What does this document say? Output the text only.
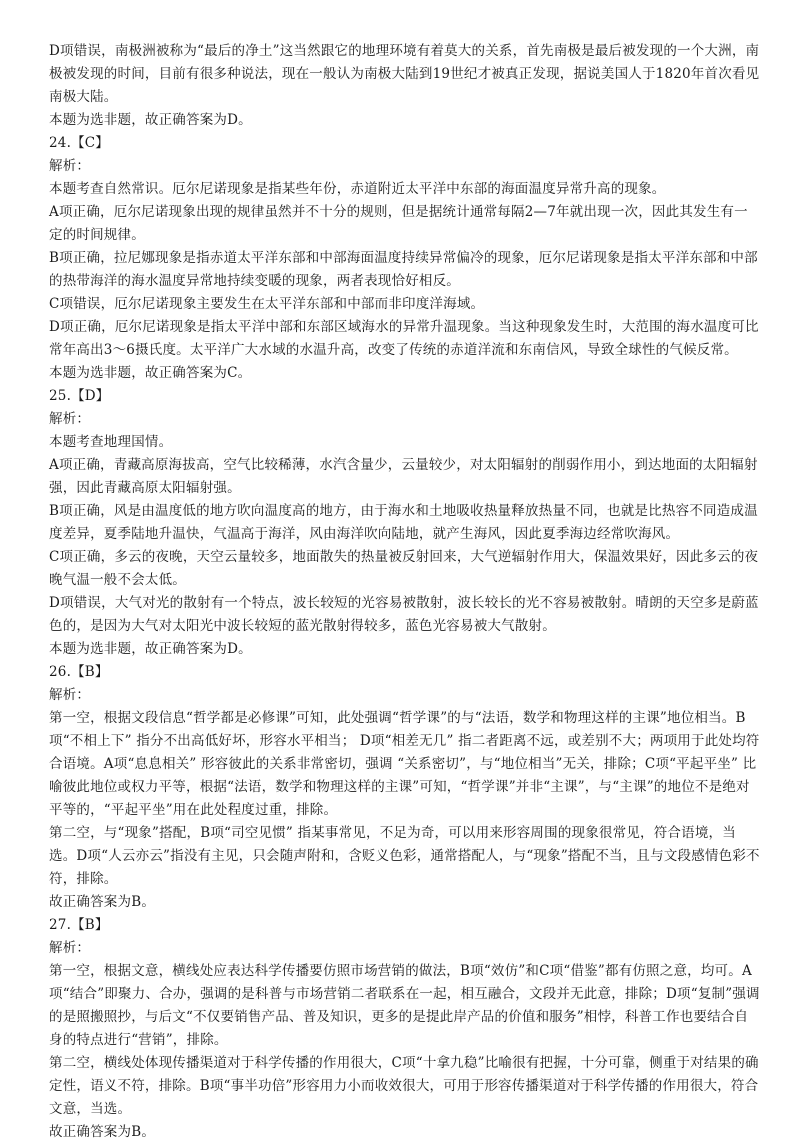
D项错误，南极洲被称为“最后的净土”这当然跟它的地理环境有着莫大的关系，首先南极是最后被发现的一个大洲，南极被发现的时间，目前有很多种说法，现在一般认为南极大陆到19世纪才被真正发现，据说美国人于1820年首次看见南极大陆。

本题为选非题，故正确答案为D。

24.【C】

解析：

本题考查自然常识。厄尔尼诺现象是指某些年份，赤道附近太平洋中东部的海面温度异常升高的现象。

A项正确，厄尔尼诺现象出现的规律虽然并不十分的规则，但是据统计通常每隔2—7年就出现一次，因此其发生有一定的时间规律。

B项正确，拉尼娜现象是指赤道太平洋东部和中部海面温度持续异常偏冷的现象，厄尔尼诺现象是指太平洋东部和中部的热带海洋的海水温度异常地持续变暖的现象，两者表现恰好相反。

C项错误，厄尔尼诺现象主要发生在太平洋东部和中部而非印度洋海域。

D项正确，厄尔尼诺现象是指太平洋中部和东部区域海水的异常升温现象。当这种现象发生时，大范围的海水温度可比常年高出3～6摄氏度。太平洋广大水域的水温升高，改变了传统的赤道洋流和东南信风，导致全球性的气候反常。

本题为选非题，故正确答案为C。

25.【D】

解析：

本题考查地理国情。

A项正确，青藏高原海拔高，空气比较稀薄，水汽含量少，云量较少，对太阳辐射的削弱作用小，到达地面的太阳辐射强，因此青藏高原太阳辐射强。

B项正确，风是由温度低的地方吹向温度高的地方，由于海水和土地吸收热量释放热量不同，也就是比热容不同造成温度差异，夏季陆地升温快，气温高于海洋，风由海洋吹向陆地，就产生海风，因此夏季海边经常吹海风。

C项正确，多云的夜晚，天空云量较多，地面散失的热量被反射回来，大气逆辐射作用大，保温效果好，因此多云的夜晚气温一般不会太低。

D项错误，大气对光的散射有一个特点，波长较短的光容易被散射，波长较长的光不容易被散射。晴朗的天空多是蔚蓝色的，是因为大气对太阳光中波长较短的蓝光散射得较多，蓝色光容易被大气散射。

本题为选非题，故正确答案为D。

26.【B】

解析：

第一空，根据文段信息“哲学都是必修课”可知，此处强调“哲学课”的与“法语，数学和物理这样的主课”地位相当。B项“不相上下” 指分不出高低好坏，形容水平相当； D项“相差无几” 指二者距离不远，或差别不大；两项用于此处均符合语境。A项“息息相关” 形容彼此的关系非常密切，强调 “关系密切”，与“地位相当”无关，排除；C项“平起平坐” 比喻彼此地位或权力平等，根据“法语，数学和物理这样的主课”可知，“哲学课”并非“主课”，与“主课”的地位不是绝对平等的，“平起平坐”用在此处程度过重，排除。

第二空，与“现象”搭配，B项“司空见惯” 指某事常见，不足为奇，可以用来形容周围的现象很常见，符合语境，当选。D项“人云亦云”指没有主见，只会随声附和，含贬义色彩，通常搭配人，与“现象”搭配不当，且与文段感情色彩不符，排除。

故正确答案为B。

27.【B】

解析：

第一空，根据文意，横线处应表达科学传播要仿照市场营销的做法，B项“效仿”和C项“借鉴”都有仿照之意，均可。A项“结合”即聚力、合办，强调的是科普与市场营销二者联系在一起，相互融合，文段并无此意，排除；D项“复制”强调的是照搬照抄，与后文“不仅要销售产品、普及知识，更多的是提此岸产品的价值和服务”相悖，科普工作也要结合自身的特点进行“营销”，排除。

第二空，横线处体现传播渠道对于科学传播的作用很大，C项“十拿九稳”比喻很有把握，十分可靠，侧重于对结果的确定性，语义不符，排除。B项“事半功倍”形容用力小而收效很大，可用于形容传播渠道对于科学传播的作用很大，符合文意，当选。

故正确答案为B。
